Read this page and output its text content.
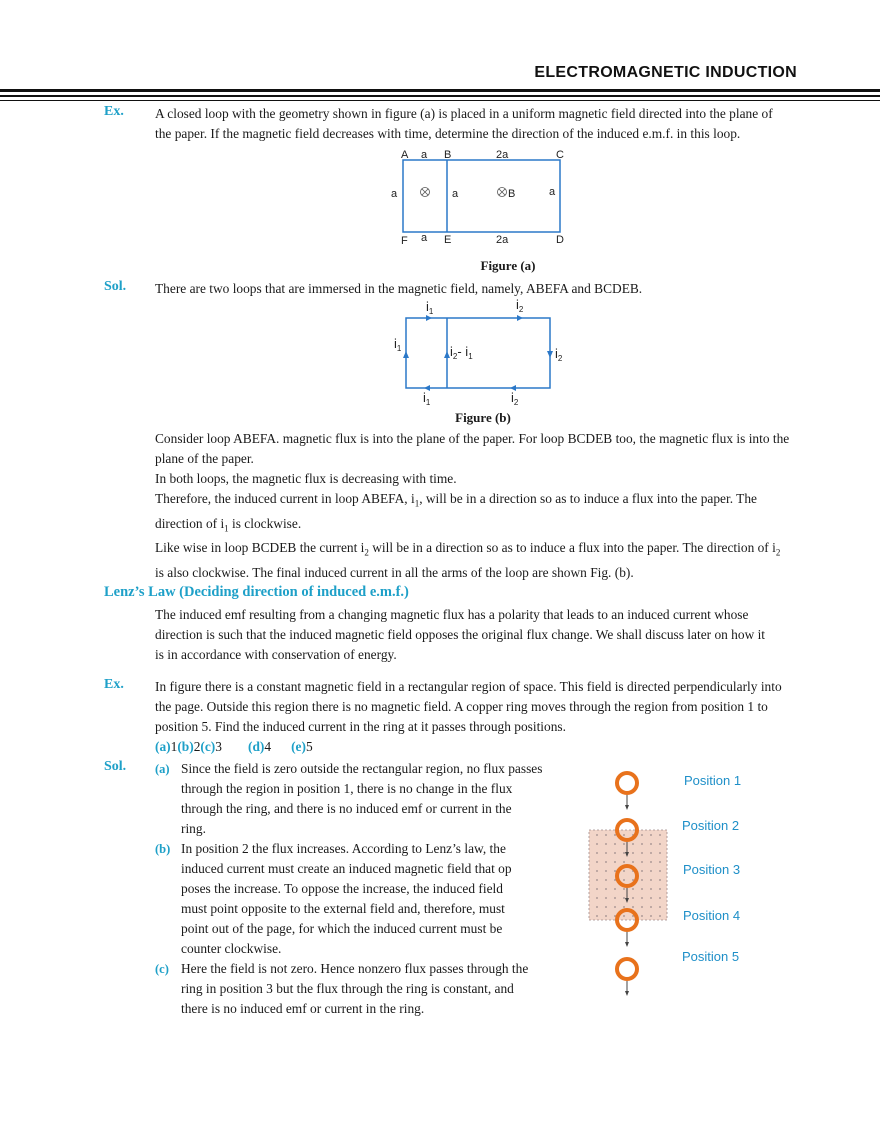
ELECTROMAGNETIC INDUCTION
Ex. A closed loop with the geometry shown in figure (a) is placed in a uniform magnetic field directed into the plane of
the paper. If the magnetic field decreases with time, determine the direction of the induced e.m.f. in this loop.
A a B	2a	C
a	a	B	a
F a E	2a	D
Figure (a)
Sol. There are two loops that are immersed in the magnetic field, namely, ABEFA and BCDEB.
$i_1$	$i_2$
$i_1$	$i_2-$ $i_1$	$i_2$
$i_1$	$i_2$
Figure (b)
Consider loop ABEFA. magnetic flux is into the plane of the paper. For loop BCDEB too, the magnetic flux is into the
plane of the paper.
In both loops, the magnetic flux is decreasing with time.
Therefore, the induced current in loop ABEFA, $i_1$, will be in a direction so as to induce a flux into the paper. The
direction of $i_1$ is clockwise.
Like wise in loop BCDEB the current $i_2$ will be in a direction so as to induce a flux into the paper. The direction of $i_2$
is also clockwise. The final induced current in all the arms of the loop are shown Fig. (b).
Lenz’s Law (Deciding direction of induced e.m.f.)
The induced emf resulting from a changing magnetic flux has a polarity that leads to an induced current whose
direction is such that the induced magnetic field opposes the original flux change. We shall discuss later on how it
is in accordance with conservation of energy.
Ex. In figure there is a constant magnetic field in a rectangular region of space. This field is directed perpendicularly into
the page. Outside this region there is no magnetic field. A copper ring moves through the region from position 1 to
position 5. Find the induced current in the ring at it passes through positions.
(a)1(b)2(c)3 (d)4 (e)5
Sol. (a) Since the field is zero outside the rectangular region, no flux passes
through the region in position 1, there is no change in the flux
through the ring, and there is no induced emf or current in the
ring.
(b) In position 2 the flux increases. According to Lenz’s law, the
induced current must create an induced magnetic field that op
poses the increase. To oppose the increase, the induced field
must point opposite to the external field and, therefore, must
point out of the page, for which the induced current must be
counter clockwise.
(c) Here the field is not zero. Hence nonzero flux passes through the
ring in position 3 but the flux through the ring is constant, and
there is no induced emf or current in the ring.
Position 1
Position 2
Position 3
Position 4
Position 5
